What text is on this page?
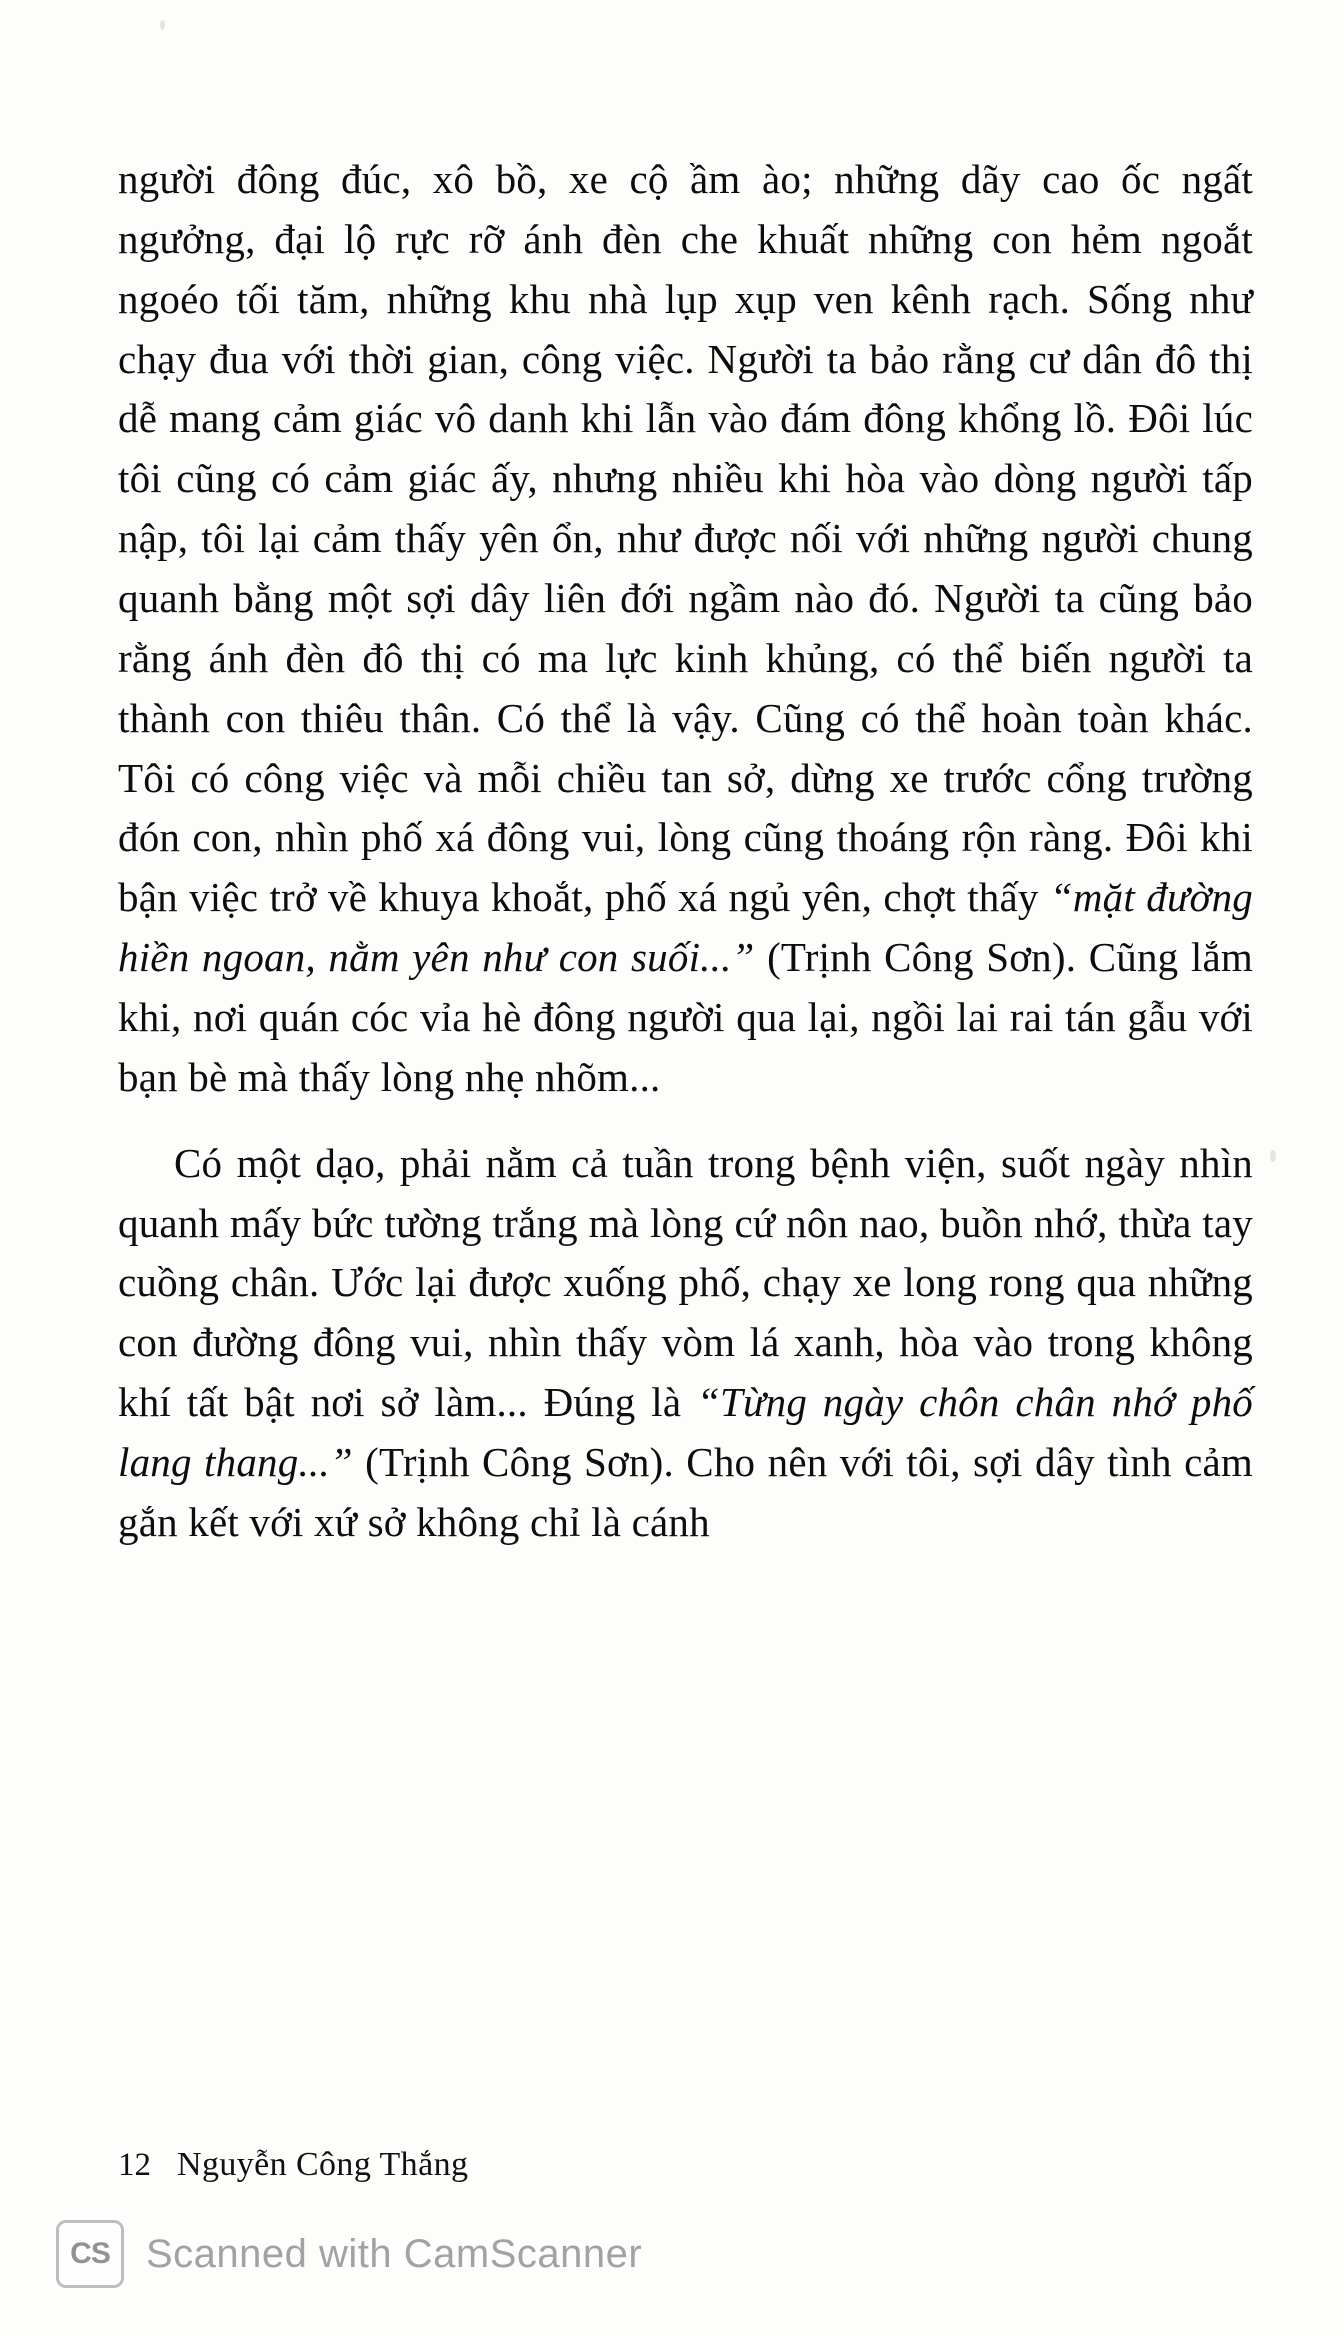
người đông đúc, xô bồ, xe cộ ầm ào; những dãy cao ốc ngất ngưởng, đại lộ rực rỡ ánh đèn che khuất những con hẻm ngoắt ngoéo tối tăm, những khu nhà lụp xụp ven kênh rạch. Sống như chạy đua với thời gian, công việc. Người ta bảo rằng cư dân đô thị dễ mang cảm giác vô danh khi lẫn vào đám đông khổng lồ. Đôi lúc tôi cũng có cảm giác ấy, nhưng nhiều khi hòa vào dòng người tấp nập, tôi lại cảm thấy yên ổn, như được nối với những người chung quanh bằng một sợi dây liên đới ngầm nào đó. Người ta cũng bảo rằng ánh đèn đô thị có ma lực kinh khủng, có thể biến người ta thành con thiêu thân. Có thể là vậy. Cũng có thể hoàn toàn khác. Tôi có công việc và mỗi chiều tan sở, dừng xe trước cổng trường đón con, nhìn phố xá đông vui, lòng cũng thoáng rộn ràng. Đôi khi bận việc trở về khuya khoắt, phố xá ngủ yên, chợt thấy “mặt đường hiền ngoan, nằm yên như con suối...” (Trịnh Công Sơn). Cũng lắm khi, nơi quán cóc vỉa hè đông người qua lại, ngồi lai rai tán gẫu với bạn bè mà thấy lòng nhẹ nhõm...

Có một dạo, phải nằm cả tuần trong bệnh viện, suốt ngày nhìn quanh mấy bức tường trắng mà lòng cứ nôn nao, buồn nhớ, thừa tay cuồng chân. Ước lại được xuống phố, chạy xe long rong qua những con đường đông vui, nhìn thấy vòm lá xanh, hòa vào trong không khí tất bật nơi sở làm... Đúng là “Từng ngày chôn chân nhớ phố lang thang...” (Trịnh Công Sơn). Cho nên với tôi, sợi dây tình cảm gắn kết với xứ sở không chỉ là cánh

12 Nguyễn Công Thắng
CS Scanned with CamScanner
